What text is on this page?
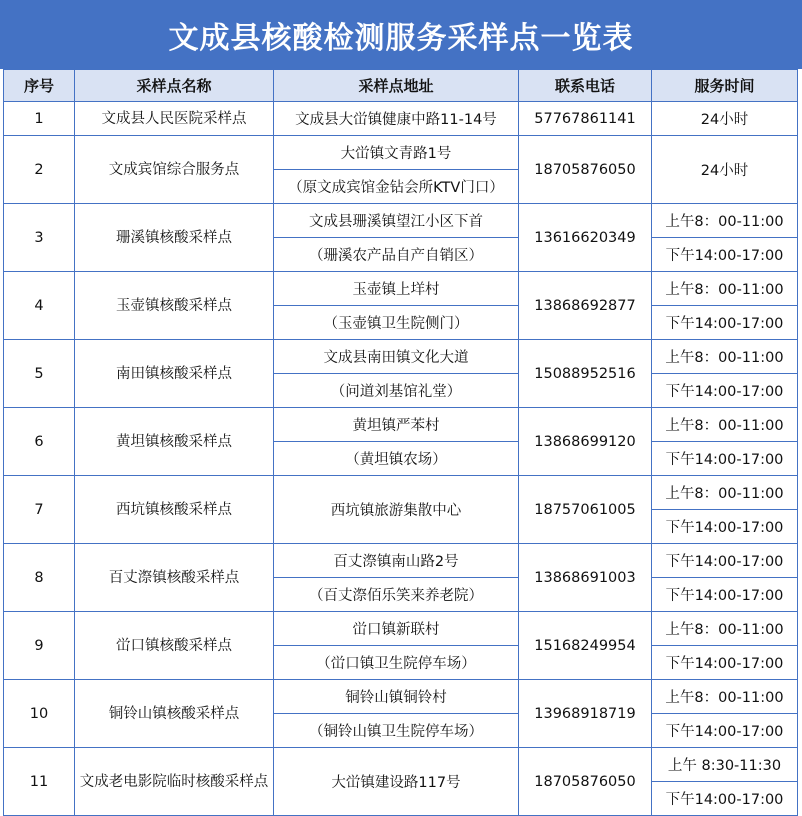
文成县核酸检测服务采样点一览表
序号	采样点名称	采样点地址	联系电话	服务时间
1	文成县人民医院采样点	文成县大峃镇健康中路11-14号	57767861141	24小时
2	文成宾馆综合服务点	大峃镇文青路1号	18705876050	24小时
		（原文成宾馆金钻会所KTV门口）		
3	珊溪镇核酸采样点	文成县珊溪镇望江小区下首	13616620349	上午8：00-11:00
		（珊溪农产品自产自销区）		下午14:00-17:00
4	玉壶镇核酸采样点	玉壶镇上垟村	13868692877	上午8：00-11:00
		（玉壶镇卫生院侧门）		下午14:00-17:00
5	南田镇核酸采样点	文成县南田镇文化大道	15088952516	上午8：00-11:00
		（问道刘基馆礼堂）		下午14:00-17:00
6	黄坦镇核酸采样点	黄坦镇严苯村	13868699120	上午8：00-11:00
		（黄坦镇农场）		下午14:00-17:00
7	西坑镇核酸采样点	西坑镇旅游集散中心	18757061005	上午8：00-11:00
				下午14:00-17:00
8	百丈漈镇核酸采样点	百丈漈镇南山路2号	13868691003	下午14:00-17:00
		（百丈漈佰乐笑来养老院）		下午14:00-17:00
9	峃口镇核酸采样点	峃口镇新联村	15168249954	上午8：00-11:00
		（峃口镇卫生院停车场）		下午14:00-17:00
10	铜铃山镇核酸采样点	铜铃山镇铜铃村	13968918719	上午8：00-11:00
		（铜铃山镇卫生院停车场）		下午14:00-17:00
11	文成老电影院临时核酸采样点	大峃镇建设路117号	18705876050	上午 8:30-11:30
				下午14:00-17:00
